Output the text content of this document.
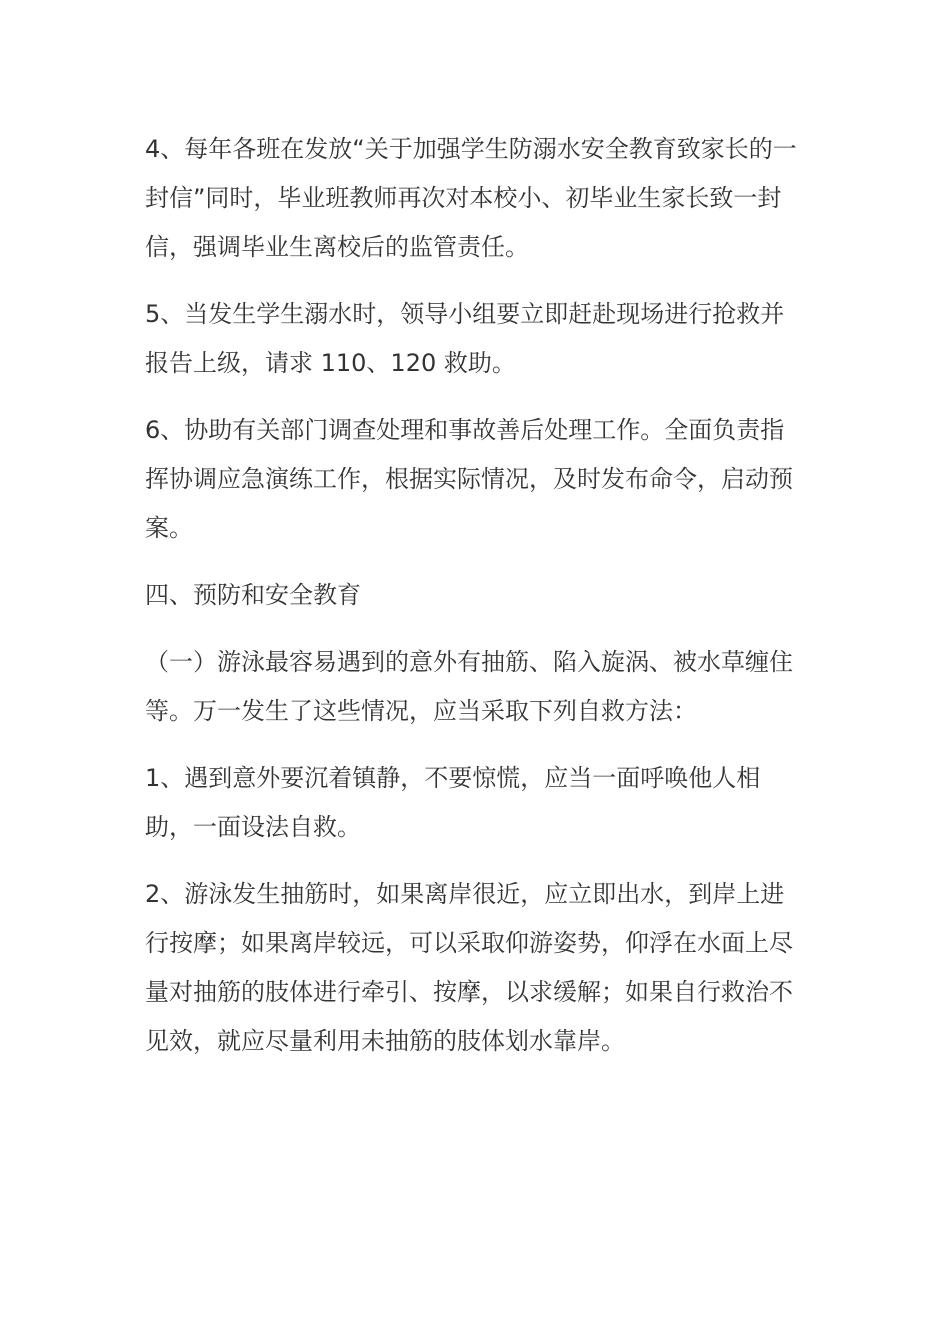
4、每年各班在发放“关于加强学生防溺水安全教育致家长的一封信”同时，毕业班教师再次对本校小、初毕业生家长致一封信，强调毕业生离校后的监管责任。

5、当发生学生溺水时，领导小组要立即赶赴现场进行抢救并报告上级，请求 110、120 救助。

6、协助有关部门调查处理和事故善后处理工作。全面负责指挥协调应急演练工作，根据实际情况，及时发布命令，启动预案。

四、预防和安全教育

（一）游泳最容易遇到的意外有抽筋、陷入旋涡、被水草缠住等。万一发生了这些情况，应当采取下列自救方法：

1、遇到意外要沉着镇静，不要惊慌，应当一面呼唤他人相助，一面设法自救。

2、游泳发生抽筋时，如果离岸很近，应立即出水，到岸上进行按摩；如果离岸较远，可以采取仰游姿势，仰浮在水面上尽量对抽筋的肢体进行牵引、按摩，以求缓解；如果自行救治不见效，就应尽量利用未抽筋的肢体划水靠岸。
